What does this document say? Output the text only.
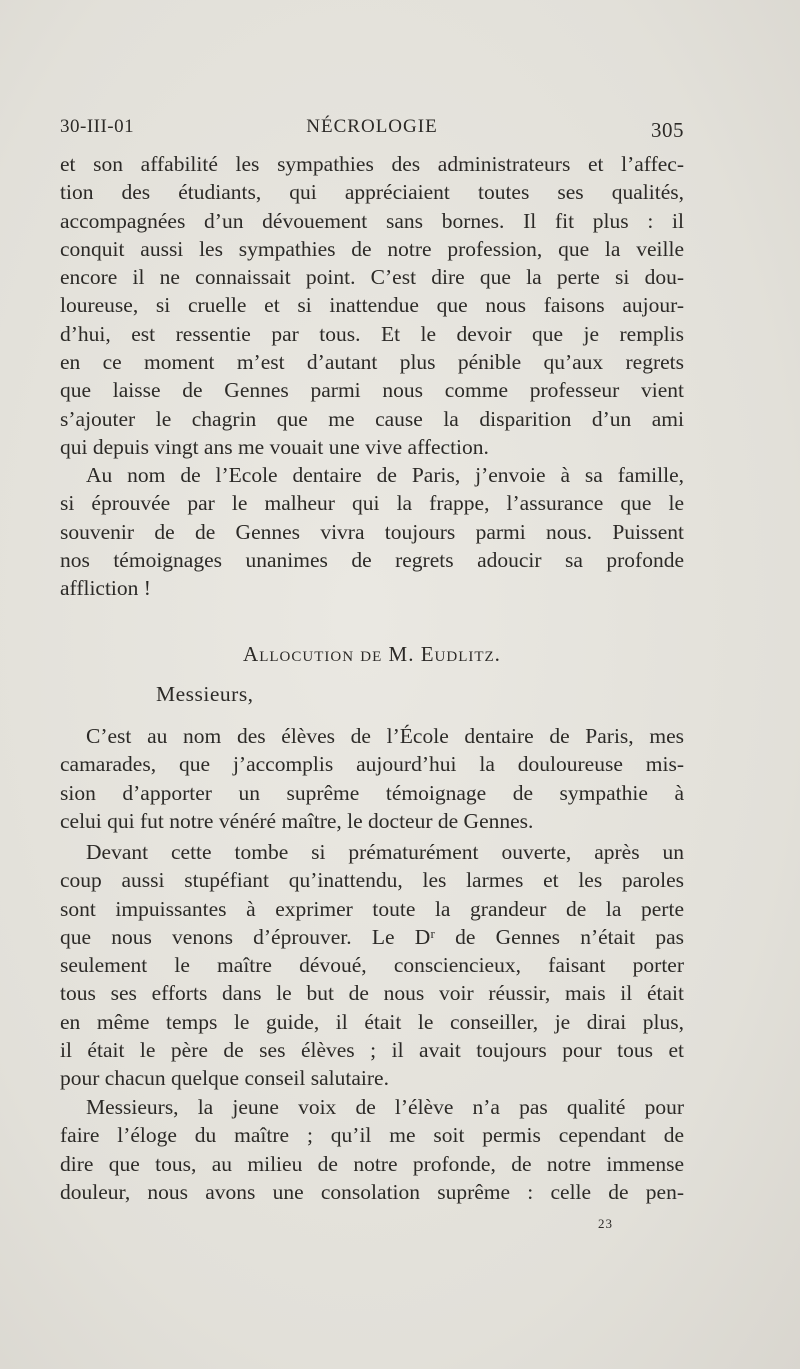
30-III-01	NÉCROLOGIE	305
et son affabilité les sympathies des administrateurs et l’affec-
tion des étudiants, qui appréciaient toutes ses qualités,
accompagnées d’un dévouement sans bornes. Il fit plus : il
conquit aussi les sympathies de notre profession, que la veille
encore il ne connaissait point. C’est dire que la perte si dou-
loureuse, si cruelle et si inattendue que nous faisons aujour-
d’hui, est ressentie par tous. Et le devoir que je remplis
en ce moment m’est d’autant plus pénible qu’aux regrets
que laisse de Gennes parmi nous comme professeur vient
s’ajouter le chagrin que me cause la disparition d’un ami
qui depuis vingt ans me vouait une vive affection.
Au nom de l’Ecole dentaire de Paris, j’envoie à sa famille,
si éprouvée par le malheur qui la frappe, l’assurance que le
souvenir de de Gennes vivra toujours parmi nous. Puissent
nos témoignages unanimes de regrets adoucir sa profonde
affliction !
Allocution de M. Eudlitz.
Messieurs,
C’est au nom des élèves de l’École dentaire de Paris, mes
camarades, que j’accomplis aujourd’hui la douloureuse mis-
sion d’apporter un suprême témoignage de sympathie à
celui qui fut notre vénéré maître, le docteur de Gennes.
Devant cette tombe si prématurément ouverte, après un
coup aussi stupéfiant qu’inattendu, les larmes et les paroles
sont impuissantes à exprimer toute la grandeur de la perte
que nous venons d’éprouver. Le Dʳ de Gennes n’était pas
seulement le maître dévoué, consciencieux, faisant porter
tous ses efforts dans le but de nous voir réussir, mais il était
en même temps le guide, il était le conseiller, je dirai plus,
il était le père de ses élèves ; il avait toujours pour tous et
pour chacun quelque conseil salutaire.
Messieurs, la jeune voix de l’élève n’a pas qualité pour
faire l’éloge du maître ; qu’il me soit permis cependant de
dire que tous, au milieu de notre profonde, de notre immense
douleur, nous avons une consolation suprême : celle de pen-
23
